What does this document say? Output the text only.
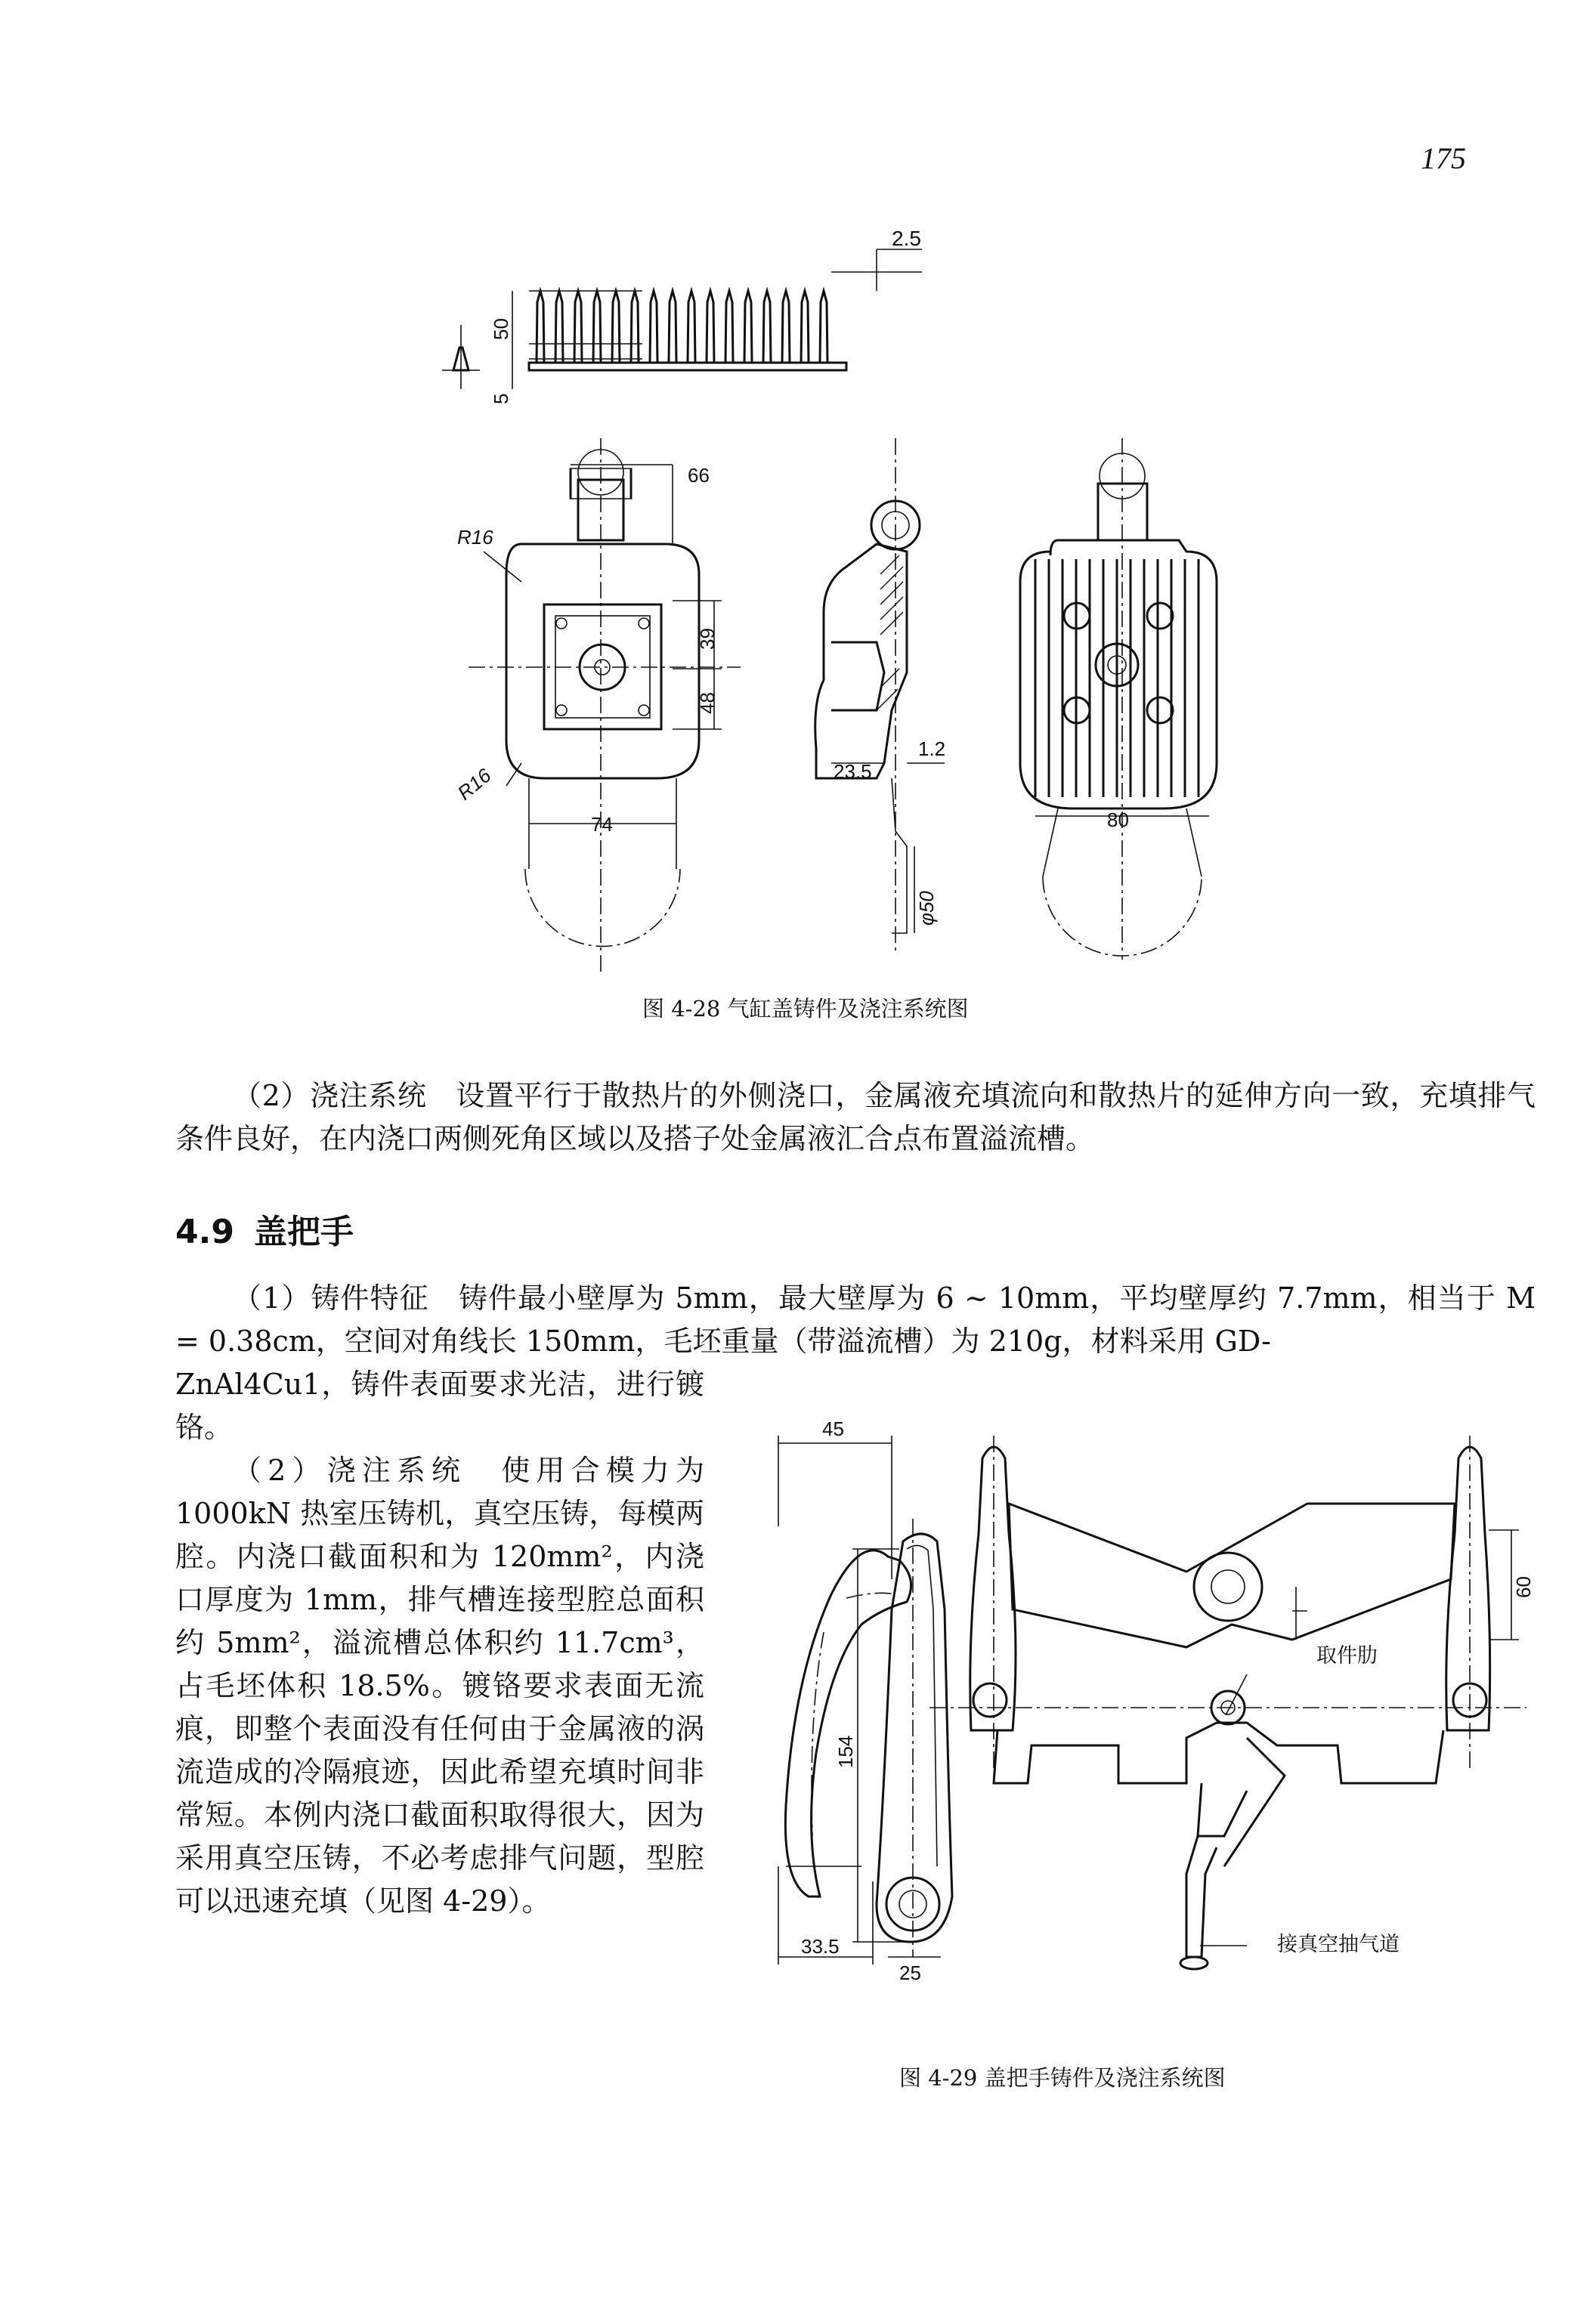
175
2.5
50
5
66
R16
39
48
R16
74
23.5
1.2
φ50
80
图 4-28 气缸盖铸件及浇注系统图

（2）浇注系统　设置平行于散热片的外侧浇口，金属液充填流向和散热片的延伸方向一致，充填排气条件良好，在内浇口两侧死角区域以及搭子处金属液汇合点布置溢流槽。

4.9 盖把手

（1）铸件特征　铸件最小壁厚为 5mm，最大壁厚为 6 ~ 10mm，平均壁厚约 7.7mm，相当于 M = 0.38cm，空间对角线长 150mm，毛坯重量（带溢流槽）为 210g，材料采用 GD-

ZnAl4Cu1，铸件表面要求光洁，进行镀铬。

（2）浇注系统　使用合模力为 1000kN 热室压铸机，真空压铸，每模两腔。内浇口截面积和为 120mm²，内浇口厚度为 1mm，排气槽连接型腔总面积约 5mm²，溢流槽总体积约 11.7cm³，占毛坯体积 18.5%。镀铬要求表面无流痕，即整个表面没有任何由于金属液的涡流造成的冷隔痕迹，因此希望充填时间非常短。本例内浇口截面积取得很大，因为采用真空压铸，不必考虑排气问题，型腔可以迅速充填（见图 4-29）。

45
33.5
154
25
60
取件肋
接真空抽气道
图 4-29 盖把手铸件及浇注系统图
